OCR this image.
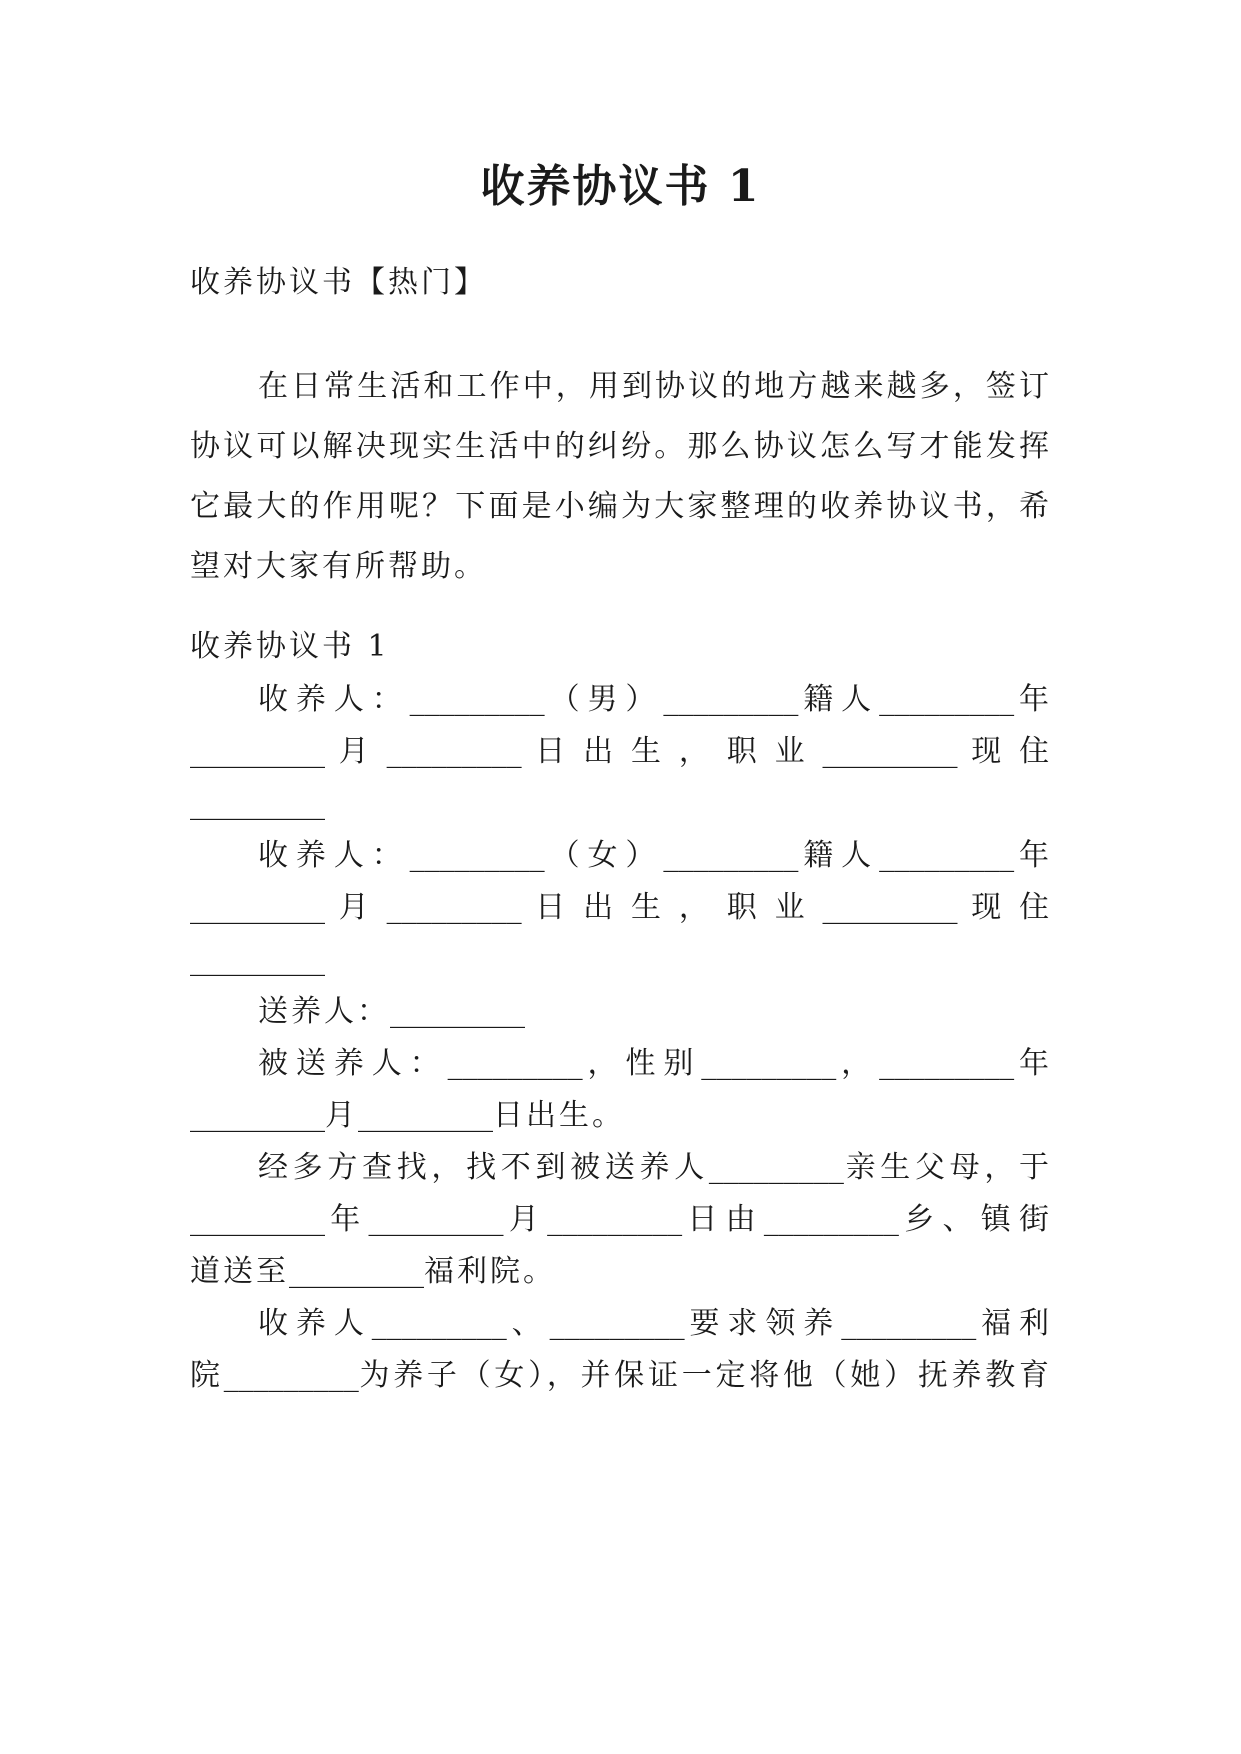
收养协议书 1

收养协议书【热门】

在日常生活和工作中，用到协议的地方越来越多，签订协议可以解决现实生活中的纠纷。那么协议怎么写才能发挥它最大的作用呢？下面是小编为大家整理的收养协议书，希望对大家有所帮助。

收养协议书 1

收养人：_________（男）_________籍人_________年

_________ 月 _________ 日 出 生 ， 职 业 _________ 现 住

_________

收养人：_________（女）_________籍人_________年

_________ 月 _________ 日 出 生 ， 职 业 _________ 现 住

_________

送养人：_________

被送养人：_________，性别_________，_________年

_________月_________日出生。

经多方查找，找不到被送养人_________亲生父母，于

_________年_________月_________日由_________乡、镇街

道送至_________福利院。

收养人_________、_________要求领养_________福利

院_________为养子（女），并保证一定将他（她）抚养教育
